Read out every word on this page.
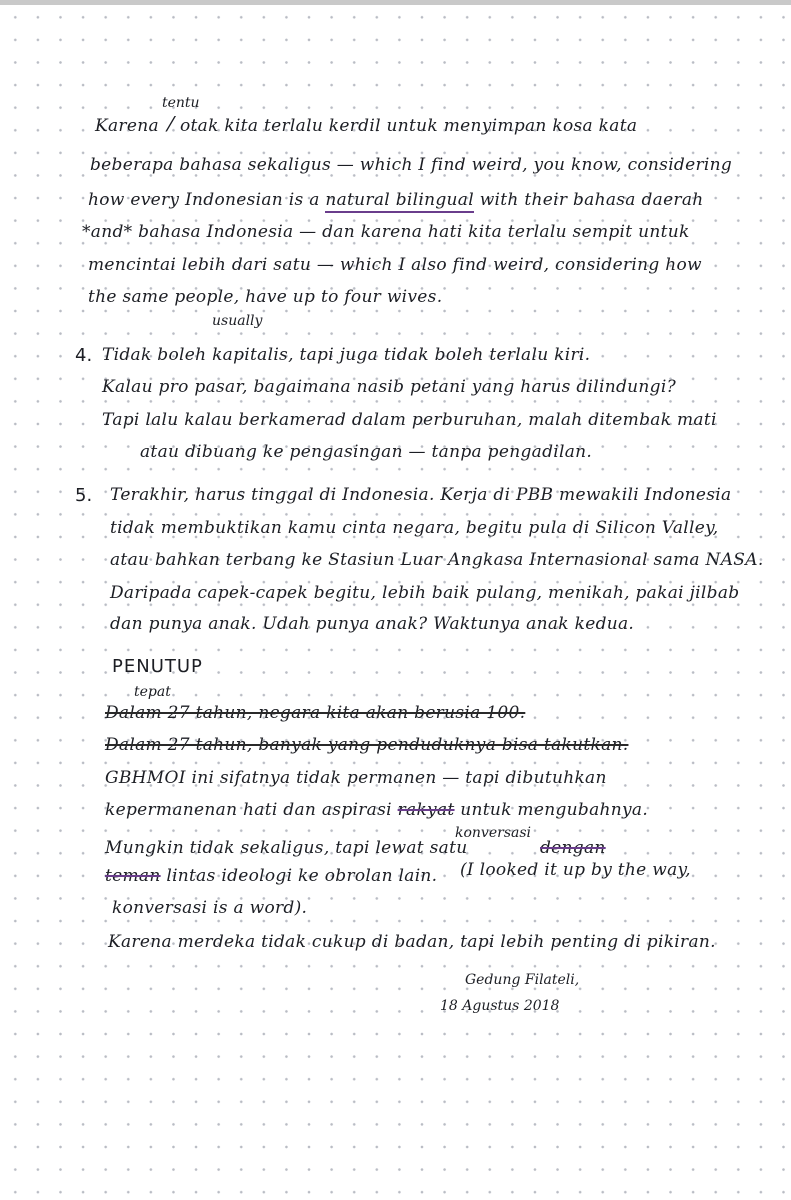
tentu
Karena ⁄ otak kita terlalu kerdil untuk menyimpan kosa kata
beberapa bahasa sekaligus — which I find weird, you know, considering
how every Indonesian is a natural bilingual with their bahasa daerah
*and* bahasa Indonesia — dan karena hati kita terlalu sempit untuk
mencintai lebih dari satu — which I also find weird, considering how
the same people, have up to four wives.
usually
4. Tidak boleh kapitalis, tapi juga tidak boleh terlalu kiri.
Kalau pro pasar, bagaimana nasib petani yang harus dilindungi?
Tapi lalu kalau berkamerad dalam perburuhan, malah ditembak mati
atau dibuang ke pengasingan — tanpa pengadilan.
5. Terakhir, harus tinggal di Indonesia. Kerja di PBB mewakili Indonesia
tidak membuktikan kamu cinta negara, begitu pula di Silicon Valley,
atau bahkan terbang ke Stasiun Luar Angkasa Internasional sama NASA.
Daripada capek-capek begitu, lebih baik pulang, menikah, pakai jilbab
dan punya anak. Udah punya anak? Waktunya anak kedua.
PENUTUP
tepat
Dalam 27 tahun, negara kita akan berusia 100.
Dalam 27 tahun, banyak yang penduduknya bisa takutkan.
GBHMOI ini sifatnya tidak permanen — tapi dibutuhkan
kepermanenan hati dan aspirasi rakyat untuk mengubahnya.
Mungkin tidak sekaligus, tapi lewat satu
konversasi
dengan
teman lintas ideologi ke obrolan lain. (I looked it up by the way,
konversasi is a word).
Karena merdeka tidak cukup di badan, tapi lebih penting di pikiran.
Gedung Filateli,
18 Agustus 2018
